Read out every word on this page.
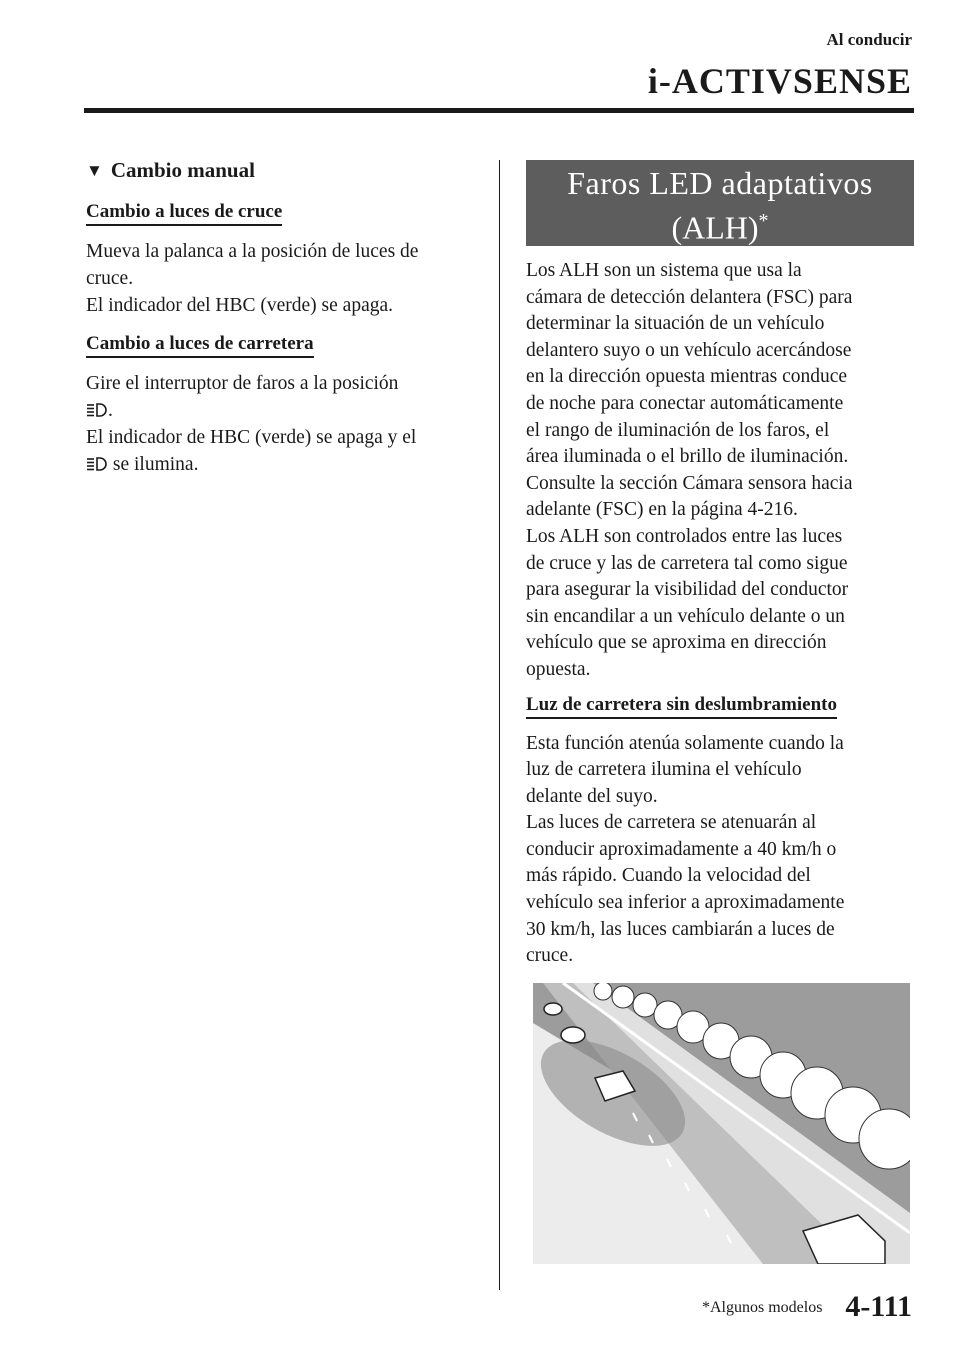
Al conducir
i-ACTIVSENSE
▼ Cambio manual
Cambio a luces de cruce

Mueva la palanca a la posición de luces de

cruce.

El indicador del HBC (verde) se apaga.

Cambio a luces de carretera

Gire el interruptor de faros a la posición

.

El indicador de HBC (verde) se apaga y el

se ilumina.

Faros LED adaptativos
(ALH)*

Los ALH son un sistema que usa la

cámara de detección delantera (FSC) para

determinar la situación de un vehículo

delantero suyo o un vehículo acercándose

en la dirección opuesta mientras conduce

de noche para conectar automáticamente

el rango de iluminación de los faros, el

área iluminada o el brillo de iluminación.

Consulte la sección Cámara sensora hacia

adelante (FSC) en la página 4-216.

Los ALH son controlados entre las luces

de cruce y las de carretera tal como sigue

para asegurar la visibilidad del conductor

sin encandilar a un vehículo delante o un

vehículo que se aproxima en dirección

opuesta.

Luz de carretera sin deslumbramiento

Esta función atenúa solamente cuando la

luz de carretera ilumina el vehículo

delante del suyo.

Las luces de carretera se atenuarán al

conducir aproximadamente a 40 km/h o

más rápido. Cuando la velocidad del

vehículo sea inferior a aproximadamente

30 km/h, las luces cambiarán a luces de

cruce.

*Algunos modelos 4-111
